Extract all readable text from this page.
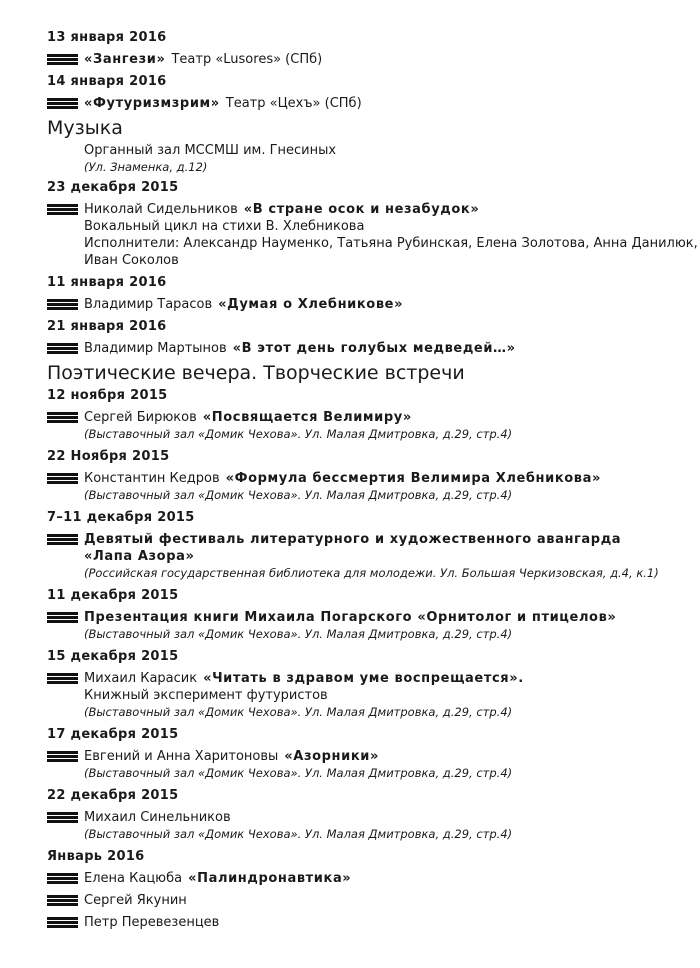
13 января 2016
«Зангези» Театр «Lusores» (СПб)
14 января 2016
«Футуризмзрим» Театр «Цехъ» (СПб)
Музыка
Органный зал МССМШ им. Гнесиных
(Ул. Знаменка, д.12)
23 декабря 2015
Николай Сидельников «В стране осок и незабудок»
Вокальный цикл на стихи В. Хлебникова
Исполнители: Александр Науменко, Татьяна Рубинская, Елена Золотова, Анна Данилюк,
Иван Соколов
11 января 2016
Владимир Тарасов «Думая о Хлебникове»
21 января 2016
Владимир Мартынов «В этот день голубых медведей…»
Поэтические вечера. Творческие встречи
12 ноября 2015
Сергей Бирюков «Посвящается Велимиру»
(Выставочный зал «Домик Чехова». Ул. Малая Дмитровка, д.29, стр.4)
22 Ноября 2015
Константин Кедров «Формула бессмертия Велимира Хлебникова»
(Выставочный зал «Домик Чехова». Ул. Малая Дмитровка, д.29, стр.4)
7–11 декабря 2015
Девятый фестиваль литературного и художественного авангарда
«Лапа Азора»
(Российская государственная библиотека для молодежи. Ул. Большая Черкизовская, д.4, к.1)
11 декабря 2015
Презентация книги Михаила Погарского «Орнитолог и птицелов»
(Выставочный зал «Домик Чехова». Ул. Малая Дмитровка, д.29, стр.4)
15 декабря 2015
Михаил Карасик «Читать в здравом уме воспрещается».
Книжный эксперимент футуристов
(Выставочный зал «Домик Чехова». Ул. Малая Дмитровка, д.29, стр.4)
17 декабря 2015
Евгений и Анна Харитоновы «Азорники»
(Выставочный зал «Домик Чехова». Ул. Малая Дмитровка, д.29, стр.4)
22 декабря 2015
Михаил Синельников
(Выставочный зал «Домик Чехова». Ул. Малая Дмитровка, д.29, стр.4)
Январь 2016
Елена Кацюба «Палиндронавтика»
Сергей Якунин
Петр Перевезенцев
